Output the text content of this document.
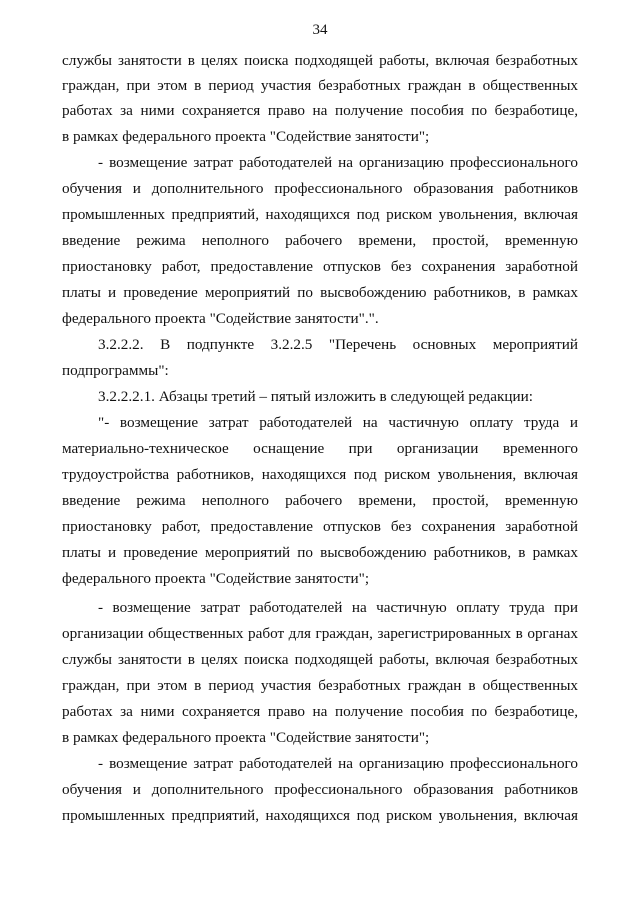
34
службы занятости в целях поиска подходящей работы, включая безработных
граждан, при этом в период участия безработных граждан в общественных
работах за ними сохраняется право на получение пособия по безработице,
в рамках федерального проекта "Содействие занятости";
- возмещение затрат работодателей на организацию профессионального
обучения и дополнительного профессионального образования работников
промышленных предприятий, находящихся под риском увольнения, включая
введение режима неполного рабочего времени, простой, временную
приостановку работ, предоставление отпусков без сохранения заработной
платы и проведение мероприятий по высвобождению работников, в рамках
федерального проекта "Содействие занятости".".
3.2.2.2. В подпункте 3.2.2.5 "Перечень основных мероприятий
подпрограммы":
3.2.2.2.1. Абзацы третий – пятый изложить в следующей редакции:
"- возмещение затрат работодателей на частичную оплату труда и
материально-техническое оснащение при организации временного
трудоустройства работников, находящихся под риском увольнения, включая
введение режима неполного рабочего времени, простой, временную
приостановку работ, предоставление отпусков без сохранения заработной
платы и проведение мероприятий по высвобождению работников, в рамках
федерального проекта "Содействие занятости";
- возмещение затрат работодателей на частичную оплату труда при
организации общественных работ для граждан, зарегистрированных в органах
службы занятости в целях поиска подходящей работы, включая безработных
граждан, при этом в период участия безработных граждан в общественных
работах за ними сохраняется право на получение пособия по безработице,
в рамках федерального проекта "Содействие занятости";
- возмещение затрат работодателей на организацию профессионального
обучения и дополнительного профессионального образования работников
промышленных предприятий, находящихся под риском увольнения, включая
